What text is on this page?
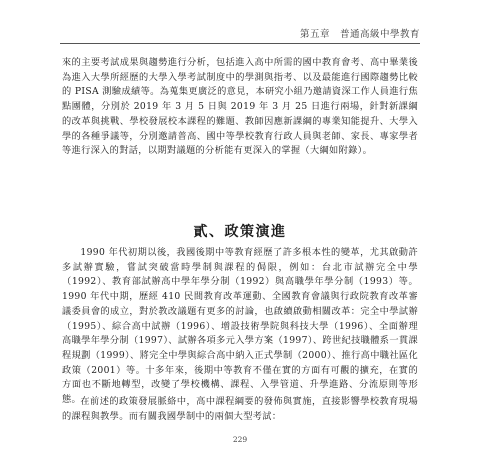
第五章　普通高級中學教育

來的主要考試成果與趨勢進行分析，包括進入高中所需的國中教育會考、高中畢業後為進入大學所經歷的大學入學考試制度中的學測與指考、以及最能進行國際趨勢比較的 PISA 測驗成績等。為蒐集更廣泛的意見，本研究小組乃邀請資深工作人員進行焦點團體，分別於 2019 年 3 月 5 日與 2019 年 3 月 25 日進行兩場，針對新課綱的改革與挑戰、學校發展校本課程的難題、教師因應新課綱的專業知能提升、大學入學的各種爭議等，分別邀請普高、國中等學校教育行政人員與老師、家長、專家學者等進行深入的對話，以期對議題的分析能有更深入的掌握（大綱如附錄）。

貳、政策演進

1990 年代初期以後，我國後期中等教育經歷了許多根本性的變革，尤其啟動許多試辦實驗，嘗試突破當時學制與課程的侷限，例如：台北市試辦完全中學（1992）、教育部試辦高中學年學分制（1992）與高職學年學分制（1993）等。1990 年代中期，歷經 410 民間教育改革運動、全國教育會議與行政院教育改革審議委員會的成立，對於教改議題有更多的討論，也啟續啟動相關改革：完全中學試辦（1995）、綜合高中試辦（1996）、增設技術學院與科技大學（1996）、全面辦理高職學年學分制（1997）、試辦各項多元入學方案（1997）、跨世紀技職體系一貫課程規劃（1999）、將完全中學與綜合高中納入正式學制（2000）、推行高中職社區化政策（2001）等。十多年來，後期中等教育不僅在實的方面有可觀的擴充，在實的方面也不斷地轉型，改變了學校機構、課程、入學管道、升學進路、分流原則等形態。 在前述的政策發展脈絡中，高中課程綱要的發佈與實施，直接影響學校教育現場的課程與教學。而有關我國學制中的兩個大型考試：

229
